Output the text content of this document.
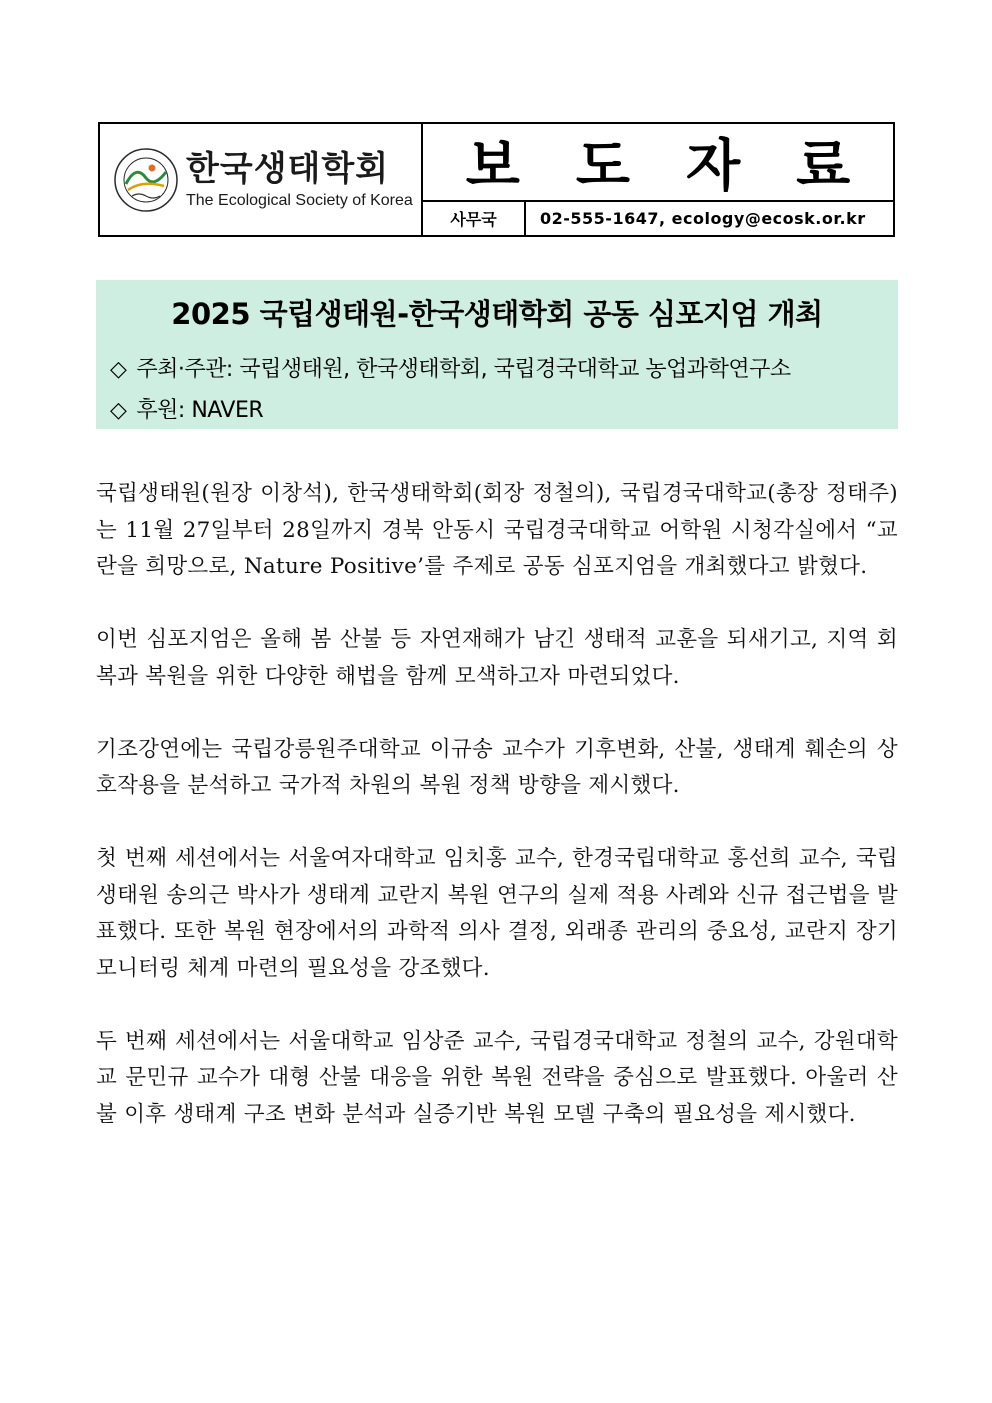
한국생태학회
The Ecological Society of Korea
보도자료
사무국	02-555-1647, ecology@ecosk.or.kr
2025 국립생태원-한국생태학회 공동 심포지엄 개최
◇ 주최·주관: 국립생태원, 한국생태학회, 국립경국대학교 농업과학연구소
◇ 후원: NAVER

국립생태원(원장 이창석), 한국생태학회(회장 정철의), 국립경국대학교(총장 정태주)는 11월 27일부터 28일까지 경북 안동시 국립경국대학교 어학원 시청각실에서 “교란을 희망으로, Nature Positive’를 주제로 공동 심포지엄을 개최했다고 밝혔다.

이번 심포지엄은 올해 봄 산불 등 자연재해가 남긴 생태적 교훈을 되새기고, 지역 회복과 복원을 위한 다양한 해법을 함께 모색하고자 마련되었다.

기조강연에는 국립강릉원주대학교 이규송 교수가 기후변화, 산불, 생태계 훼손의 상호작용을 분석하고 국가적 차원의 복원 정책 방향을 제시했다.

첫 번째 세션에서는 서울여자대학교 임치홍 교수, 한경국립대학교 홍선희 교수, 국립생태원 송의근 박사가 생태계 교란지 복원 연구의 실제 적용 사례와 신규 접근법을 발표했다. 또한 복원 현장에서의 과학적 의사 결정, 외래종 관리의 중요성, 교란지 장기 모니터링 체계 마련의 필요성을 강조했다.

두 번째 세션에서는 서울대학교 임상준 교수, 국립경국대학교 정철의 교수, 강원대학교 문민규 교수가 대형 산불 대응을 위한 복원 전략을 중심으로 발표했다. 아울러 산불 이후 생태계 구조 변화 분석과 실증기반 복원 모델 구축의 필요성을 제시했다.
